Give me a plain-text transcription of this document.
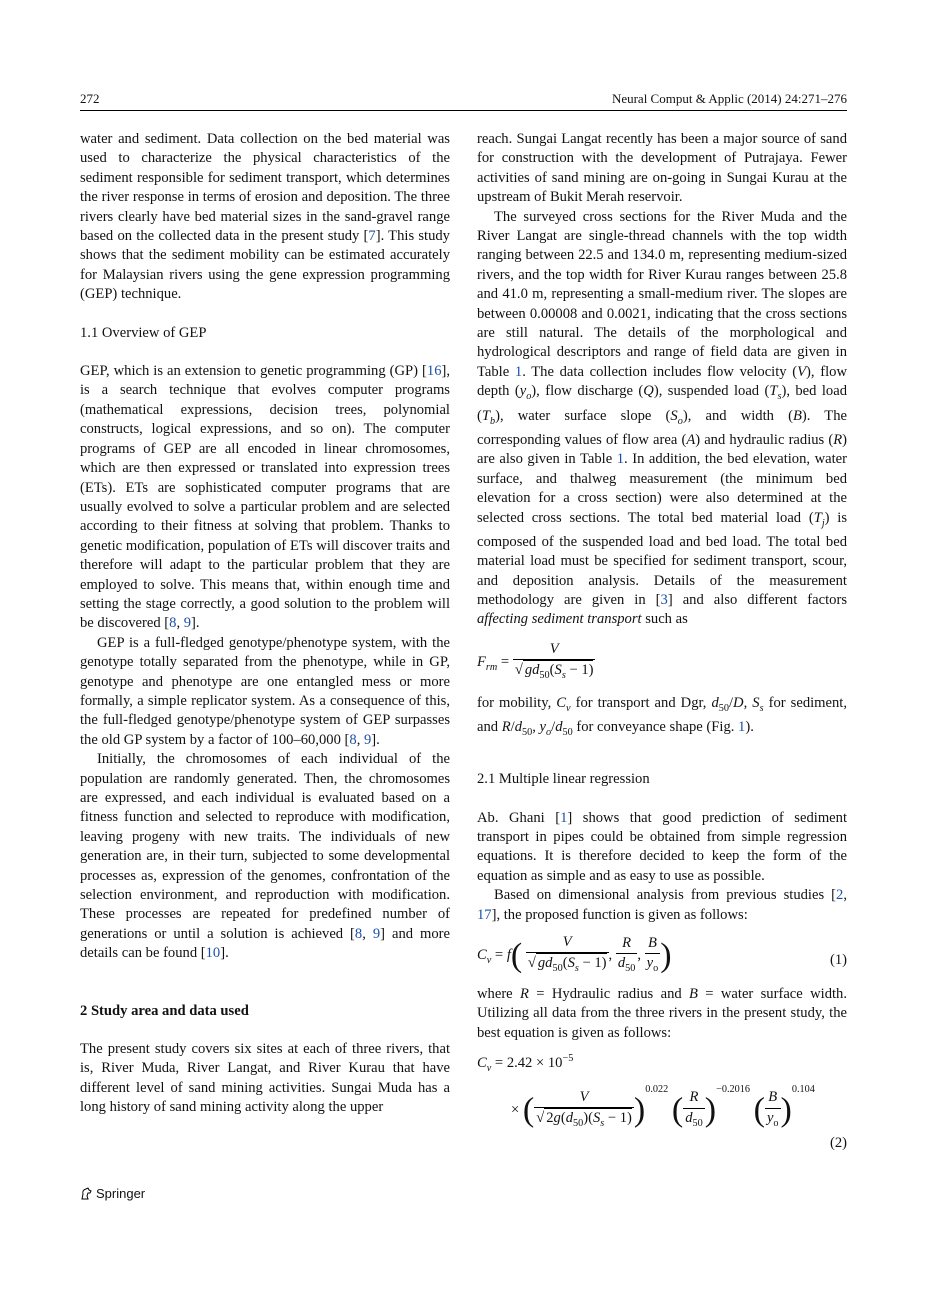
272	Neural Comput & Applic (2014) 24:271–276

water and sediment. Data collection on the bed material was used to characterize the physical characteristics of the sediment responsible for sediment transport, which determines the river response in terms of erosion and deposition. The three rivers clearly have bed material sizes in the sand-gravel range based on the collected data in the present study [7]. This study shows that the sediment mobility can be estimated accurately for Malaysian rivers using the gene expression programming (GEP) technique.

1.1 Overview of GEP

GEP, which is an extension to genetic programming (GP) [16], is a search technique that evolves computer programs (mathematical expressions, decision trees, polynomial constructs, logical expressions, and so on). The computer programs of GEP are all encoded in linear chromosomes, which are then expressed or translated into expression trees (ETs). ETs are sophisticated computer programs that are usually evolved to solve a particular problem and are selected according to their fitness at solving that problem. Thanks to genetic modification, population of ETs will discover traits and therefore will adapt to the particular problem that they are employed to solve. This means that, within enough time and setting the stage correctly, a good solution to the problem will be discovered [8, 9].

GEP is a full-fledged genotype/phenotype system, with the genotype totally separated from the phenotype, while in GP, genotype and phenotype are one entangled mess or more formally, a simple replicator system. As a consequence of this, the full-fledged genotype/phenotype system of GEP surpasses the old GP system by a factor of 100–60,000 [8, 9].

Initially, the chromosomes of each individual of the population are randomly generated. Then, the chromosomes are expressed, and each individual is evaluated based on a fitness function and selected to reproduce with modification, leaving progeny with new traits. The individuals of new generation are, in their turn, subjected to some developmental processes as, expression of the genomes, confrontation of the selection environment, and reproduction with modification. These processes are repeated for predefined number of generations or until a solution is achieved [8, 9] and more details can be found [10].

2 Study area and data used

The present study covers six sites at each of three rivers, that is, River Muda, River Langat, and River Kurau that have different level of sand mining activities. Sungai Muda has a long history of sand mining activity along the upper

reach. Sungai Langat recently has been a major source of sand for construction with the development of Putrajaya. Fewer activities of sand mining are on-going in Sungai Kurau at the upstream of Bukit Merah reservoir.

The surveyed cross sections for the River Muda and the River Langat are single-thread channels with the top width ranging between 22.5 and 134.0 m, representing medium-sized rivers, and the top width for River Kurau ranges between 25.8 and 41.0 m, representing a small-medium river. The slopes are between 0.00008 and 0.0021, indicating that the cross sections are still natural. The details of the morphological and hydrological descriptors and range of field data are given in Table 1. The data collection includes flow velocity (V), flow depth $(y_o)$, flow discharge (Q), suspended load $(T_s)$, bed load $(T_b)$, water surface slope $(S_o)$, and width (B). The corresponding values of flow area (A) and hydraulic radius (R) are also given in Table 1. In addition, the bed elevation, water surface, and thalweg measurement (the minimum bed elevation for a cross section) were also determined at the selected cross sections. The total bed material load $(T_j)$ is composed of the suspended load and bed load. The total bed material load must be specified for sediment transport, scour, and deposition analysis. Details of the measurement methodology are given in [3] and also different factors affecting sediment transport such as

$F_{rm} = \frac{V}{√ gd_{50}(S_s - 1)}$

for mobility, $C_v$ for transport and Dgr, $d_{50}/D$, $S_s$ for sediment, and $R/d_{50}$, $y_o/d_{50}$ for conveyance shape (Fig. 1).

2.1 Multiple linear regression

Ab. Ghani [1] shows that good prediction of sediment transport in pipes could be obtained from simple regression equations. It is therefore decided to keep the form of the equation as simple and as easy to use as possible.

Based on dimensional analysis from previous studies [2, 17], the proposed function is given as follows:

$C_v = f( \frac{V}{√ gd_{50}(S_s - 1)}$ , $\frac{R}{d_{50}}$ , $\frac{B}{y_o}$ )	(1)

where R = Hydraulic radius and B = water surface width. Utilizing all data from the three rivers in the present study, the best equation is given as follows:

$C_v = 2.42 \times 10^{-5}$
× ( $\frac{V}{√ 2g(d_{50})(S_s - 1)} )^{0.022}$ ( $\frac{R}{d_{50}} )^{-0.2016}$ ( $\frac{B}{y_o} )^{0.104}$
(2)
Springer
